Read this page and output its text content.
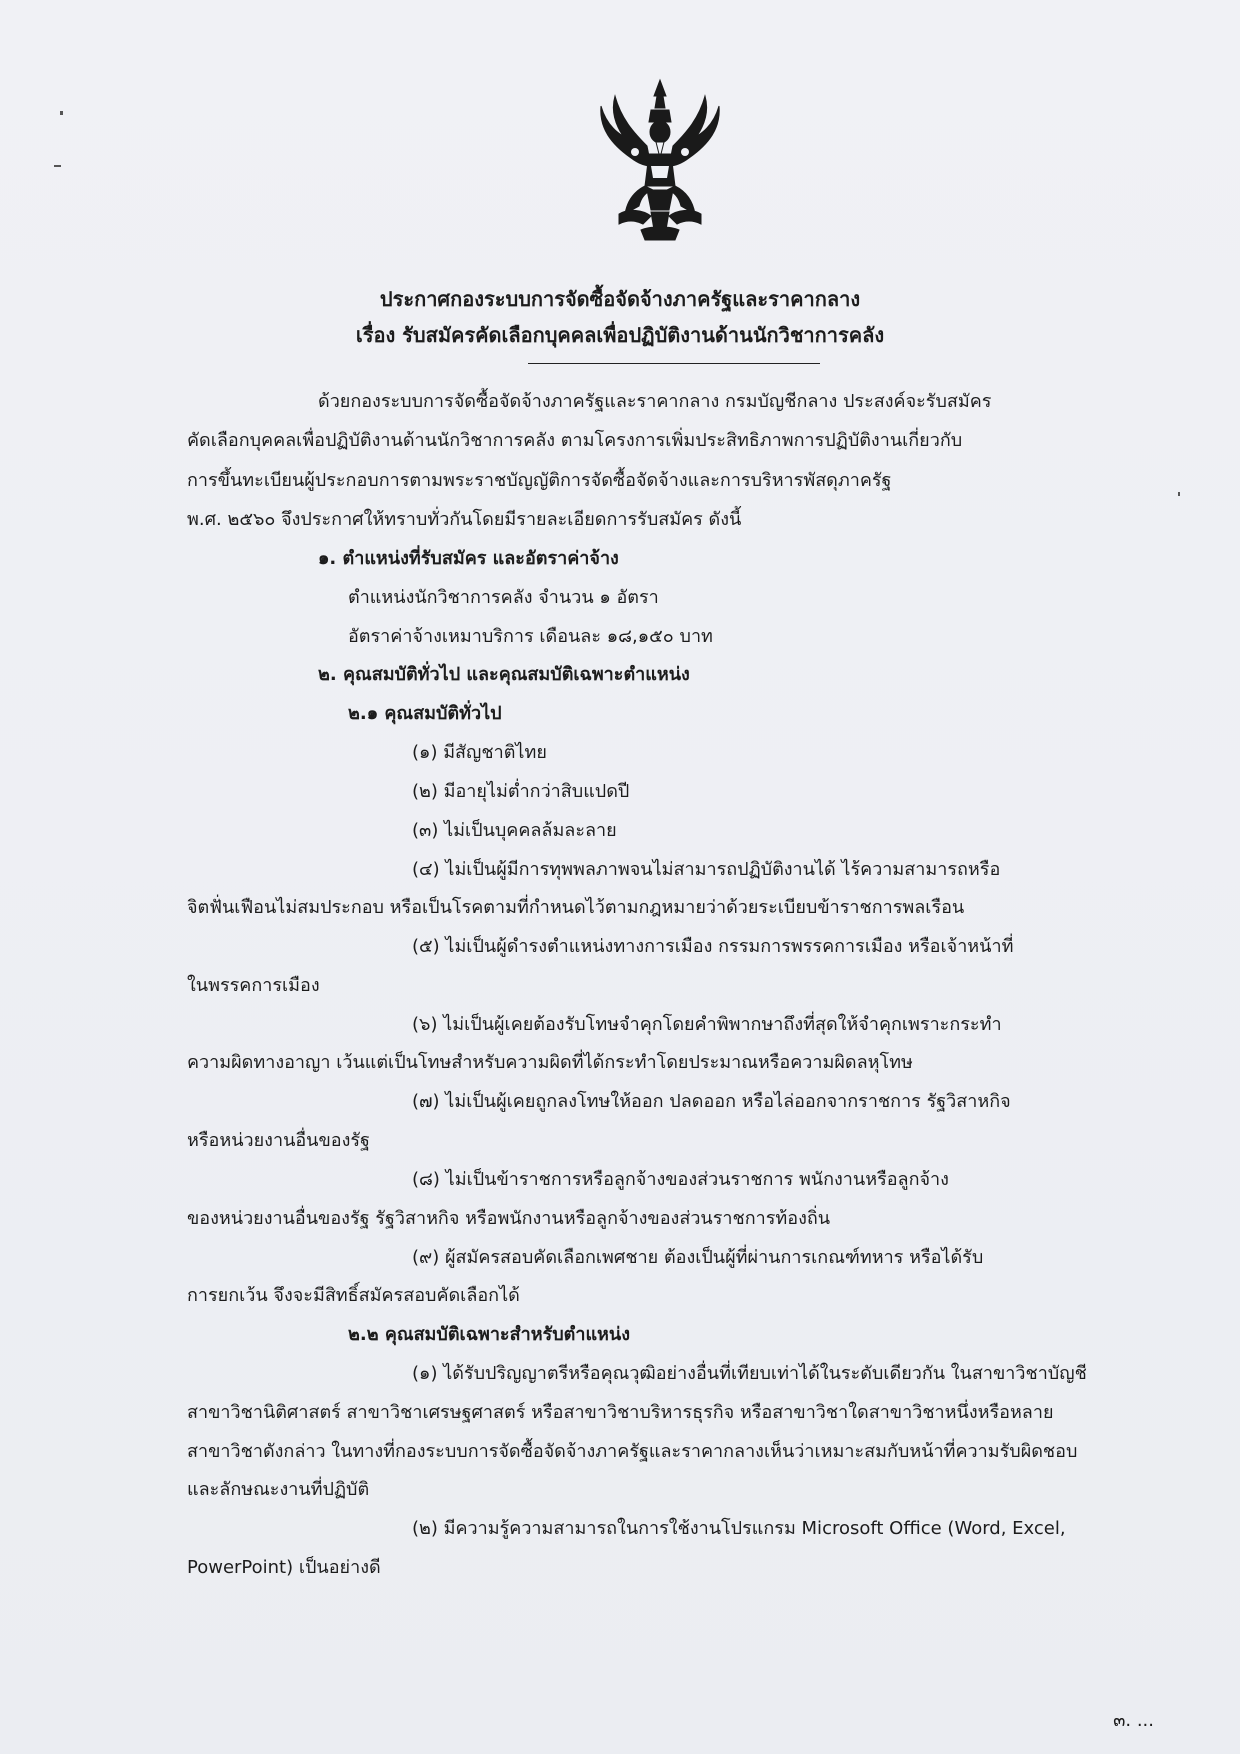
ประกาศกองระบบการจัดซื้อจัดจ้างภาครัฐและราคากลาง
เรื่อง รับสมัครคัดเลือกบุคคลเพื่อปฏิบัติงานด้านนักวิชาการคลัง
ด้วยกองระบบการจัดซื้อจัดจ้างภาครัฐและราคากลาง กรมบัญชีกลาง ประสงค์จะรับสมัคร
คัดเลือกบุคคลเพื่อปฏิบัติงานด้านนักวิชาการคลัง ตามโครงการเพิ่มประสิทธิภาพการปฏิบัติงานเกี่ยวกับ
การขึ้นทะเบียนผู้ประกอบการตามพระราชบัญญัติการจัดซื้อจัดจ้างและการบริหารพัสดุภาครัฐ
พ.ศ. ๒๕๖๐ จึงประกาศให้ทราบทั่วกันโดยมีรายละเอียดการรับสมัคร ดังนี้
๑. ตำแหน่งที่รับสมัคร และอัตราค่าจ้าง
ตำแหน่งนักวิชาการคลัง จำนวน ๑ อัตรา
อัตราค่าจ้างเหมาบริการ เดือนละ ๑๘,๑๕๐ บาท
๒. คุณสมบัติทั่วไป และคุณสมบัติเฉพาะตำแหน่ง
๒.๑ คุณสมบัติทั่วไป
(๑) มีสัญชาติไทย
(๒) มีอายุไม่ต่ำกว่าสิบแปดปี
(๓) ไม่เป็นบุคคลล้มละลาย
(๔) ไม่เป็นผู้มีการทุพพลภาพจนไม่สามารถปฏิบัติงานได้ ไร้ความสามารถหรือ
จิตฟั่นเฟือนไม่สมประกอบ หรือเป็นโรคตามที่กำหนดไว้ตามกฎหมายว่าด้วยระเบียบข้าราชการพลเรือน
(๕) ไม่เป็นผู้ดำรงตำแหน่งทางการเมือง กรรมการพรรคการเมือง หรือเจ้าหน้าที่
ในพรรคการเมือง
(๖) ไม่เป็นผู้เคยต้องรับโทษจำคุกโดยคำพิพากษาถึงที่สุดให้จำคุกเพราะกระทำ
ความผิดทางอาญา เว้นแต่เป็นโทษสำหรับความผิดที่ได้กระทำโดยประมาณหรือความผิดลหุโทษ
(๗) ไม่เป็นผู้เคยถูกลงโทษให้ออก ปลดออก หรือไล่ออกจากราชการ รัฐวิสาหกิจ
หรือหน่วยงานอื่นของรัฐ
(๘) ไม่เป็นข้าราชการหรือลูกจ้างของส่วนราชการ พนักงานหรือลูกจ้าง
ของหน่วยงานอื่นของรัฐ รัฐวิสาหกิจ หรือพนักงานหรือลูกจ้างของส่วนราชการท้องถิ่น
(๙) ผู้สมัครสอบคัดเลือกเพศชาย ต้องเป็นผู้ที่ผ่านการเกณฑ์ทหาร หรือได้รับ
การยกเว้น จึงจะมีสิทธิ์สมัครสอบคัดเลือกได้
๒.๒ คุณสมบัติเฉพาะสำหรับตำแหน่ง
(๑) ได้รับปริญญาตรีหรือคุณวุฒิอย่างอื่นที่เทียบเท่าได้ในระดับเดียวกัน ในสาขาวิชาบัญชี
สาขาวิชานิติศาสตร์ สาขาวิชาเศรษฐศาสตร์ หรือสาขาวิชาบริหารธุรกิจ หรือสาขาวิชาใดสาขาวิชาหนึ่งหรือหลาย
สาขาวิชาดังกล่าว ในทางที่กองระบบการจัดซื้อจัดจ้างภาครัฐและราคากลางเห็นว่าเหมาะสมกับหน้าที่ความรับผิดชอบ
และลักษณะงานที่ปฏิบัติ
(๒) มีความรู้ความสามารถในการใช้งานโปรแกรม Microsoft Office (Word, Excel,
PowerPoint) เป็นอย่างดี
๓. ...
